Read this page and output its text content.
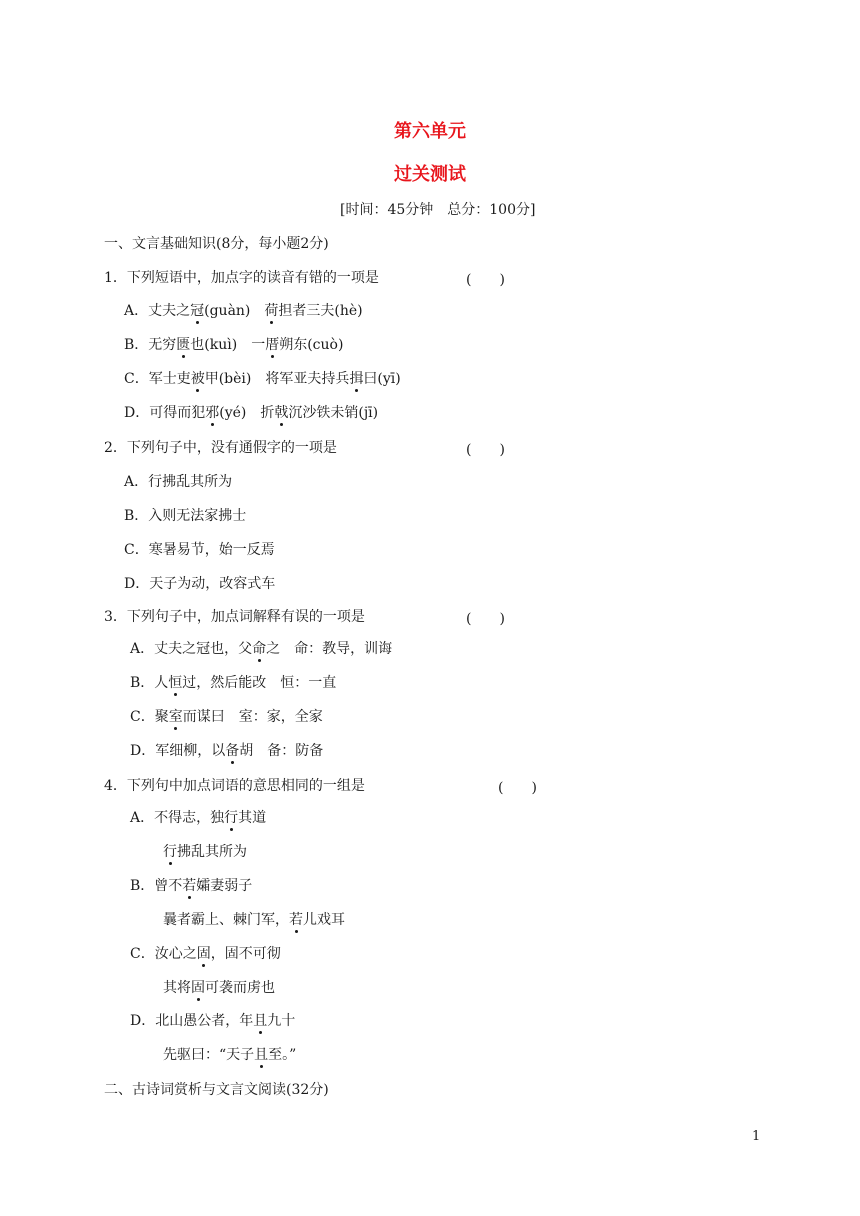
第六单元
过关测试
[时间：45分钟　总分：100分]
一、文言基础知识(8分，每小题2分)
1．下列短语中，加点字的读音有错的一项是	(　　)
A．丈夫之冠(guàn)　荷担者三夫(hè)
B．无穷匮也(kuì)　一厝朔东(cuò)
C．军士吏被甲(bèi)　将军亚夫持兵揖曰(yī)
D．可得而犯邪(yé)　折戟沉沙铁未销(jī)
2．下列句子中，没有通假字的一项是	(　　)
A．行拂乱其所为
B．入则无法家拂士
C．寒暑易节，始一反焉
D．天子为动，改容式车
3．下列句子中，加点词解释有误的一项是	(　　)
A．丈夫之冠也，父命之　命：教导，训诲
B．人恒过，然后能改　恒：一直
C．聚室而谋曰　室：家，全家
D．军细柳，以备胡　备：防备
4．下列句中加点词语的意思相同的一组是	(　　)
A．不得志，独行其道
行拂乱其所为
B．曾不若孀妻弱子
曩者霸上、棘门军，若儿戏耳
C．汝心之固，固不可彻
其将固可袭而虏也
D．北山愚公者，年且九十
先驱曰：“天子且至。”
二、古诗词赏析与文言文阅读(32分)
1
